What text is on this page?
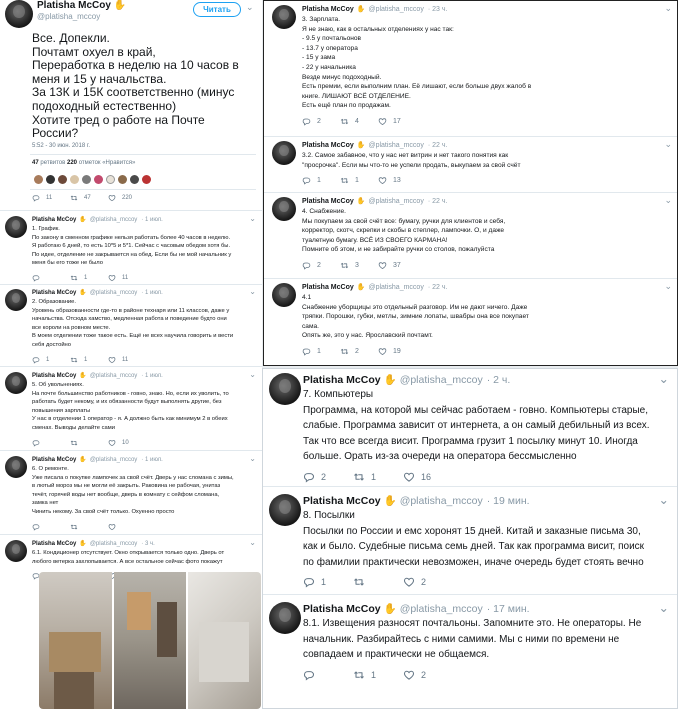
Platisha McCoy ✋
@platisha_mccoy
Читать	⌄
Все. Допекли.
Почтамт охуел в край,
Переработка в неделю на 10 часов в
меня и 15 у начальства.
За 13К и 15К соответственно (минус
подоходный естественно)
Хотите тред о работе на Почте
России?
5:52 - 30 июн. 2018 г.
47 ретвитов 220 отметок «Нравится»
11	47	220
Platisha McCoy ✋ @platisha_mccoy · 1 июл.	⌄
1. График.
По закону в сменном графике нельзя работать более 40 часов в неделю.
Я работаю 6 дней, то есть 10*5 и 5*1. Сейчас с часовым обедом хотя бы.
По идее, отделение не закрывается на обед. Если бы не мой начальник у
меня бы его тоже не было
1	11
Platisha McCoy ✋ @platisha_mccoy · 1 июл.	⌄
2. Образование.
Уровень образованности где-то в районе технаря или 11 классов, даже у
начальства. Отсюда хамство, медленная работа и поведение будто они
все короли на ровном месте.
В моем отделении тоже такое есть. Ещё не всех научила говорить и вести
себя достойно
1	1	11
Platisha McCoy ✋ @platisha_mccoy · 1 июл.	⌄
5. Об увольнениях.
На почте большинство работников - говно, знаю. Но, если их уволить, то
работать будет некому, и их обязанности будут выполнять другие, без
повышения зарплаты
У нас в отделении 1 оператор - я. А должно быть как минимум 2 в обеих
сменах. Выводы делайте сами
10
Platisha McCoy ✋ @platisha_mccoy · 1 июл.	⌄
6. О ремонте.
Уже писала о покупке лампочек за свой счёт. Дверь у нас сломана с зимы,
в лютый мороз мы не могли её закрыть. Раковина не рабочая, унитаз
течёт, горячей воды нет вообще, дверь в комнату с сейфом сломана,
замка нет
Чинить некому. За свой счёт только. Охуенно просто
Platisha McCoy ✋ @platisha_mccoy · 3 ч.	⌄
6.1. Кондиционер отсутствует. Окно открывается только одно. Дверь от
любого ветерка захлопывается. А все остальное сейчас фото покажут
Platisha McCoy ✋ @platisha_mccoy · 23 ч.	⌄
3. Зарплата.
Я не знаю, как в остальных отделениях у нас так:
- 9.5 у почтальонов
- 13.7 у оператора
- 15 у зама
- 22 у начальника
Везде минус подоходный.
Есть премии, если выполним план. Её лишают, если больше двух жалоб в
книге. ЛИШАЮТ ВСЁ ОТДЕЛЕНИЕ.
Есть ещё план по продажам.
2	4	17
Platisha McCoy ✋ @platisha_mccoy · 22 ч.	⌄
3.2. Самое забавное, что у нас нет витрин и нет такого понятия как
"просрочка". Если мы что-то не успели продать, выкупаем за свой счёт
1	1	13
Platisha McCoy ✋ @platisha_mccoy · 22 ч.	⌄
4. Снабжение.
Мы покупаем за свой счёт все: бумагу, ручки для клиентов и себя,
корректор, скотч, скрепки и скобы в степлер, лампочки. О, и даже
туалетную бумагу. ВСЁ ИЗ СВОЕГО КАРМАНА!
Помните об этом, и не забирайте ручки со столов, пожалуйста
2	3	37
Platisha McCoy ✋ @platisha_mccoy · 22 ч.	⌄
4.1
Снабжение уборщицы это отдельный разговор. Им не дают ничего. Даже
тряпки. Порошки, губки, метлы, зимние лопаты, швабры она все покупает
сама.
Опять же, это у нас. Ярославский почтамт.
1	2	19
Platisha McCoy ✋ @platisha_mccoy · 2 ч.	⌄
7. Компьютеры
Программа, на которой мы сейчас работаем - говно. Компьютеры старые,
слабые. Программа зависит от интернета, а он самый дебильный из всех.
Так что все всегда висит. Программа грузит 1 посылку минут 10. Иногда
больше. Орать из-за очереди на оператора бессмысленно
2	1	16
Platisha McCoy ✋ @platisha_mccoy · 19 мин.	⌄
8. Посылки
Посылки по России и емс хоронят 15 дней. Китай и заказные письма 30,
как и было. Судебные письма семь дней. Так как программа висит, поиск
по фамилии практически невозможен, иначе очередь будет стоять вечно
1	2
Platisha McCoy ✋ @platisha_mccoy · 17 мин.	⌄
8.1. Извещения разносят почтальоны. Запомните это. Не операторы. Не
начальник. Разбирайтесь с ними самими. Мы с ними по времени не
совпадаем и практически не общаемся.
1	2
